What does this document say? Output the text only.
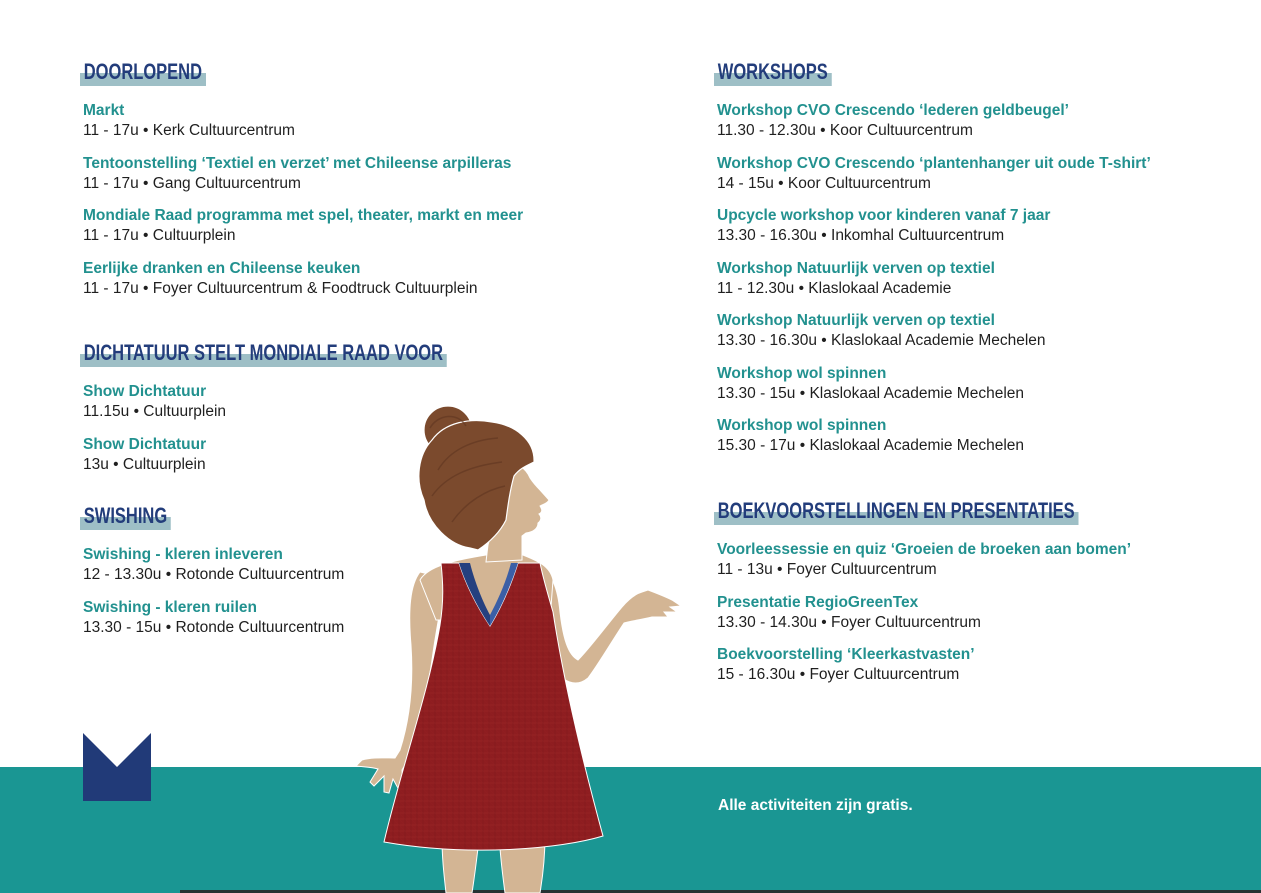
DOORLOPEND
Markt
11 - 17u • Kerk Cultuurcentrum
Tentoonstelling ‘Textiel en verzet’ met Chileense arpilleras
11 - 17u • Gang Cultuurcentrum
Mondiale Raad programma met spel, theater, markt en meer
11 - 17u • Cultuurplein
Eerlijke dranken en Chileense keuken
11 - 17u • Foyer Cultuurcentrum & Foodtruck Cultuurplein
DICHTATUUR STELT MONDIALE RAAD VOOR
Show Dichtatuur
11.15u • Cultuurplein
Show Dichtatuur
13u • Cultuurplein
SWISHING
Swishing - kleren inleveren
12 - 13.30u • Rotonde Cultuurcentrum
Swishing - kleren ruilen
13.30 - 15u • Rotonde Cultuurcentrum
WORKSHOPS
Workshop CVO Crescendo ‘lederen geldbeugel’
11.30 - 12.30u • Koor Cultuurcentrum
Workshop CVO Crescendo ‘plantenhanger uit oude T-shirt’
14 - 15u • Koor Cultuurcentrum
Upcycle workshop voor kinderen vanaf 7 jaar
13.30 - 16.30u • Inkomhal Cultuurcentrum
Workshop Natuurlijk verven op textiel
11 - 12.30u • Klaslokaal Academie
Workshop Natuurlijk verven op textiel
13.30 - 16.30u • Klaslokaal Academie Mechelen
Workshop wol spinnen
13.30 - 15u • Klaslokaal Academie Mechelen
Workshop wol spinnen
15.30 - 17u • Klaslokaal Academie Mechelen
BOEKVOORSTELLINGEN EN PRESENTATIES
Voorleessessie en quiz ‘Groeien de broeken aan bomen’
11 - 13u • Foyer Cultuurcentrum
Presentatie RegioGreenTex
13.30 - 14.30u • Foyer Cultuurcentrum
Boekvoorstelling ‘Kleerkastvasten’
15 - 16.30u • Foyer Cultuurcentrum
Alle activiteiten zijn gratis.
